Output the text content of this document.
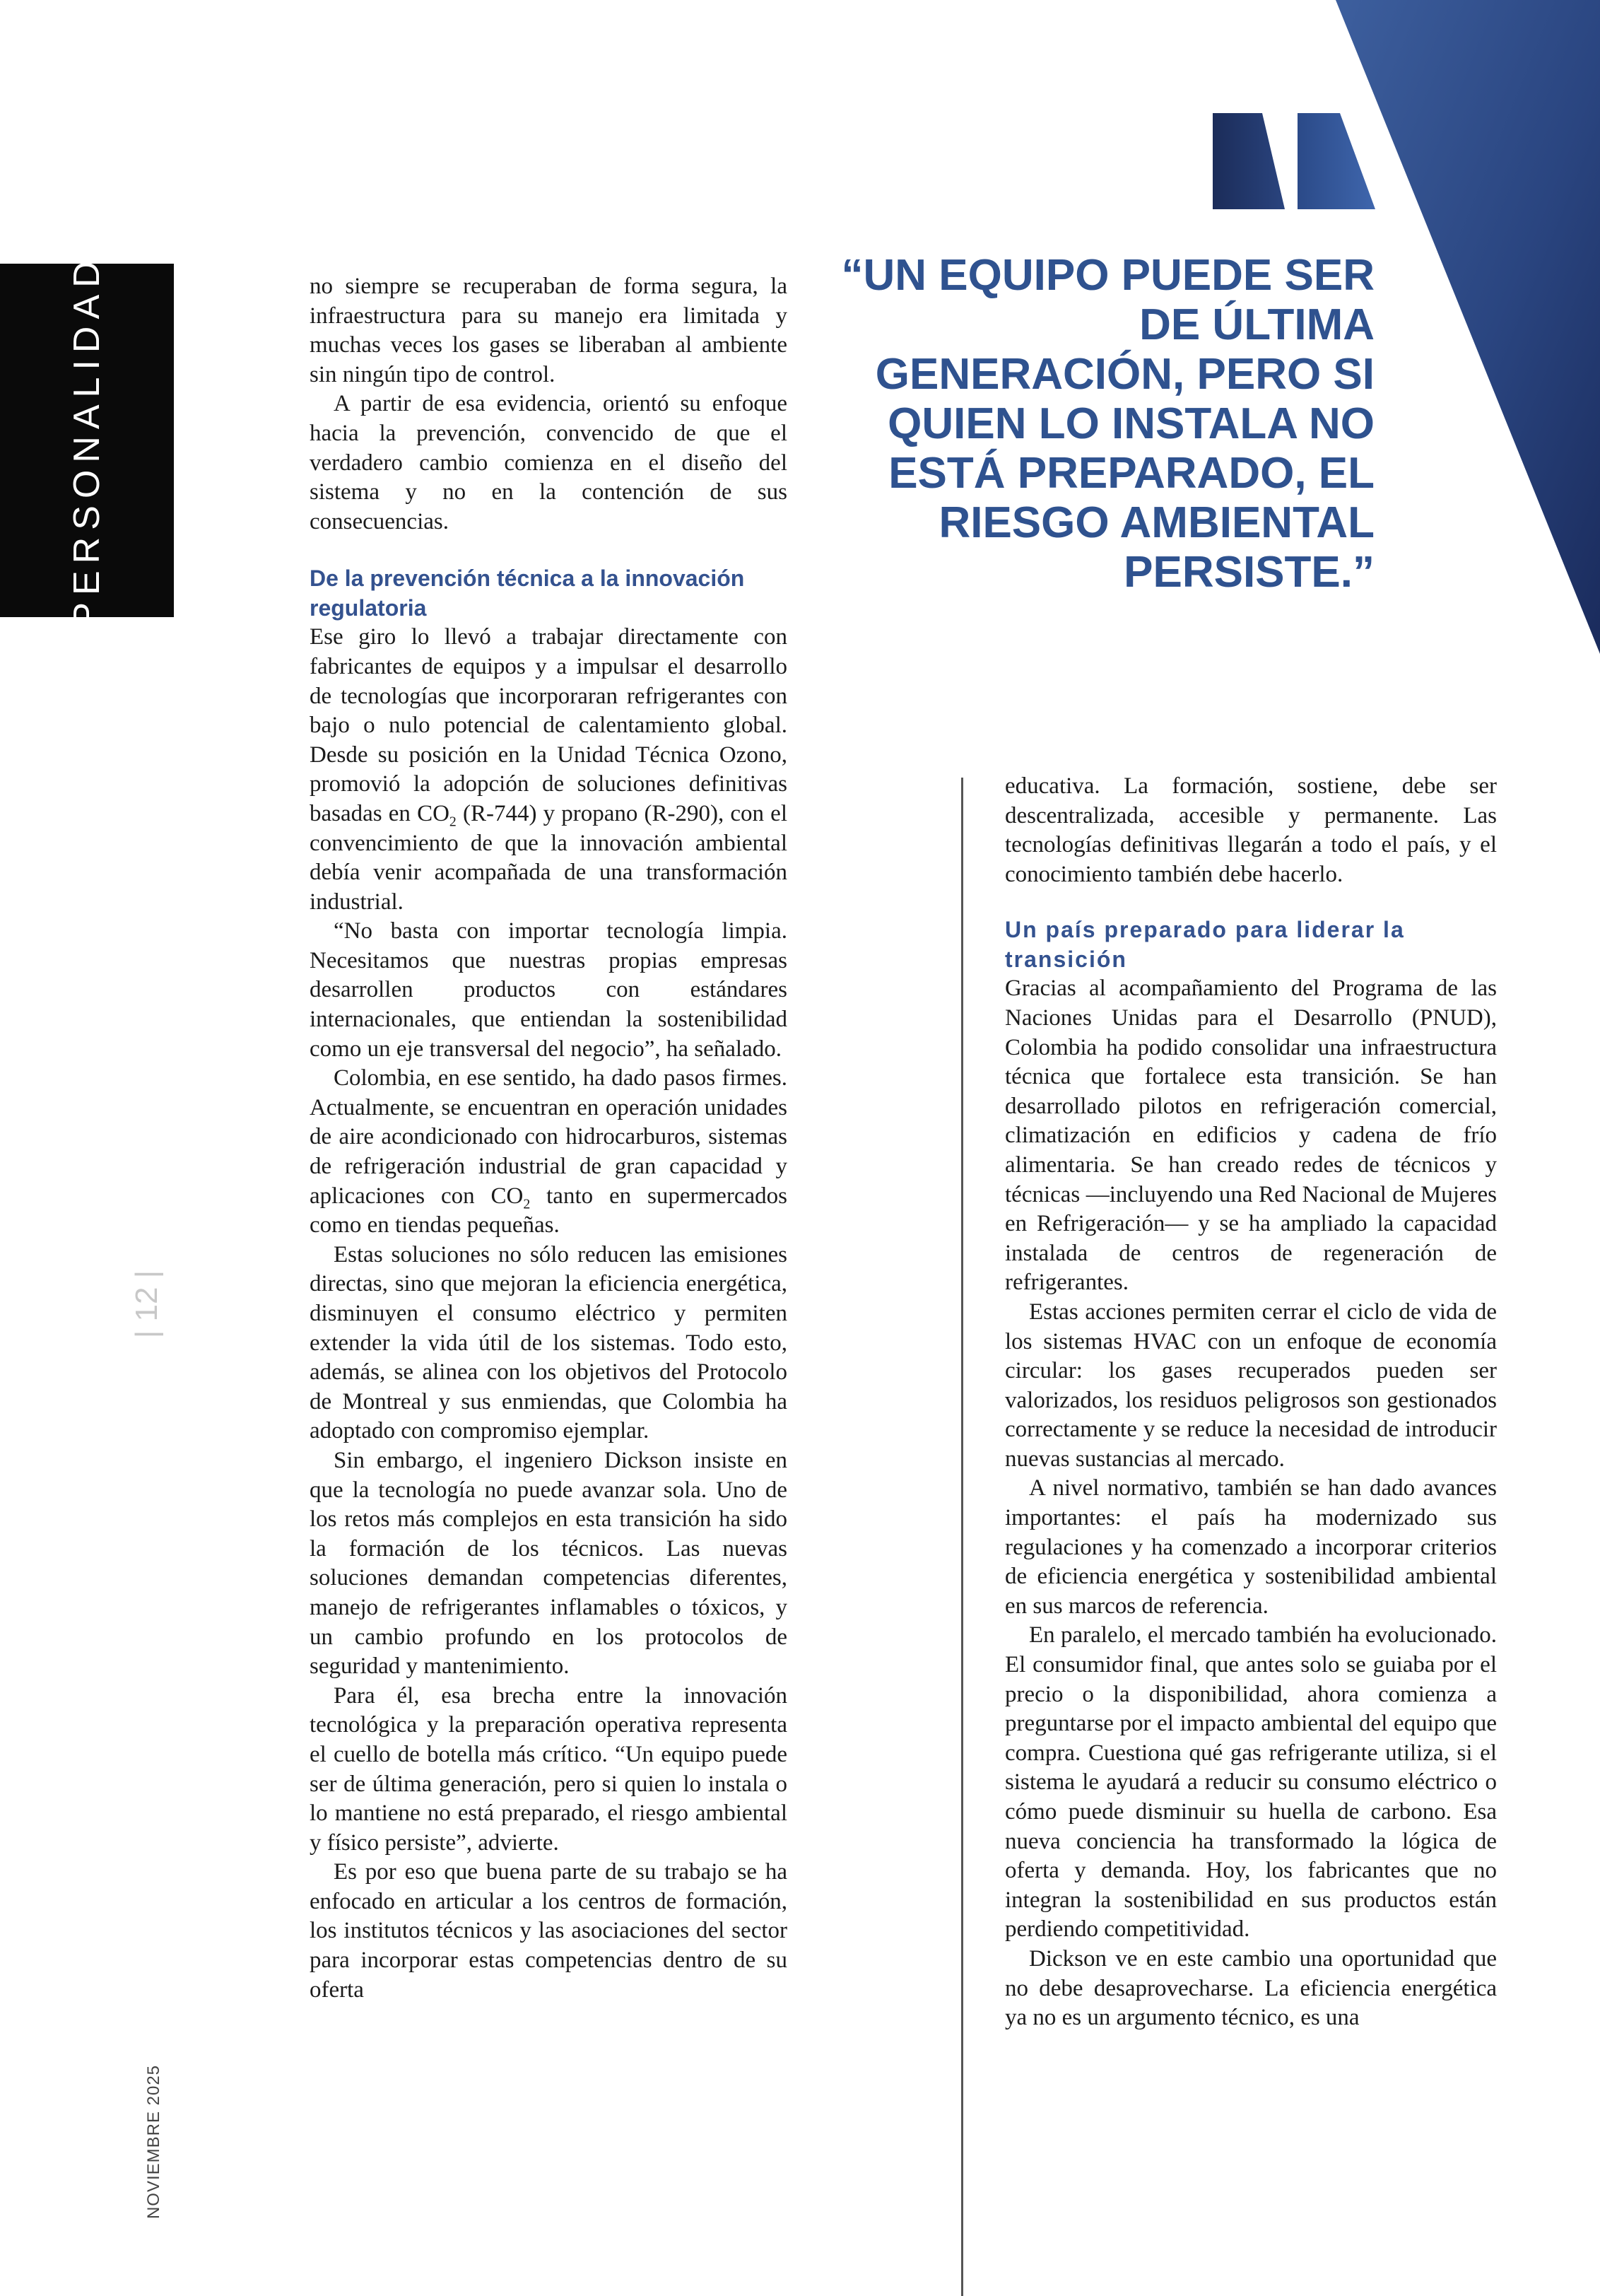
PERSONALIDAD
| 12 |
NOVIEMBRE 2025

“UN EQUIPO PUEDE SER DE ÚLTIMA GENERACIÓN, PERO SI QUIEN LO INSTALA NO ESTÁ PREPARADO, EL RIESGO AMBIENTAL PERSISTE.”

no siempre se recuperaban de forma segura, la infraestructura para su manejo era limitada y muchas veces los gases se liberaban al ambiente sin ningún tipo de control.

A partir de esa evidencia, orientó su enfoque hacia la prevención, convencido de que el verdadero cambio comienza en el diseño del sistema y no en la contención de sus consecuencias.

De la prevención técnica a la innovación regulatoria

Ese giro lo llevó a trabajar directamente con fabricantes de equipos y a impulsar el desarrollo de tecnologías que incorporaran refrigerantes con bajo o nulo potencial de calentamiento global. Desde su posición en la Unidad Técnica Ozono, promovió la adopción de soluciones definitivas basadas en $CO_2$ (R-744) y propano (R-290), con el convencimiento de que la innovación ambiental debía venir acompañada de una transformación industrial.

“No basta con importar tecnología limpia. Necesitamos que nuestras propias empresas desarrollen productos con estándares internacionales, que entiendan la sostenibilidad como un eje transversal del negocio”, ha señalado.

Colombia, en ese sentido, ha dado pasos firmes. Actualmente, se encuentran en operación unidades de aire acondicionado con hidrocarburos, sistemas de refrigeración industrial de gran capacidad y aplicaciones con $CO_2$ tanto en supermercados como en tiendas pequeñas.

Estas soluciones no sólo reducen las emisiones directas, sino que mejoran la eficiencia energética, disminuyen el consumo eléctrico y permiten extender la vida útil de los sistemas. Todo esto, además, se alinea con los objetivos del Protocolo de Montreal y sus enmiendas, que Colombia ha adoptado con compromiso ejemplar.

Sin embargo, el ingeniero Dickson insiste en que la tecnología no puede avanzar sola. Uno de los retos más complejos en esta transición ha sido la formación de los técnicos. Las nuevas soluciones demandan competencias diferentes, manejo de refrigerantes inflamables o tóxicos, y un cambio profundo en los protocolos de seguridad y mantenimiento.

Para él, esa brecha entre la innovación tecnológica y la preparación operativa representa el cuello de botella más crítico. “Un equipo puede ser de última generación, pero si quien lo instala o lo mantiene no está preparado, el riesgo ambiental y físico persiste”, advierte.

Es por eso que buena parte de su trabajo se ha enfocado en articular a los centros de formación, los institutos técnicos y las asociaciones del sector para incorporar estas competencias dentro de su oferta

educativa. La formación, sostiene, debe ser descentralizada, accesible y permanente. Las tecnologías definitivas llegarán a todo el país, y el conocimiento también debe hacerlo.

Un país preparado para liderar la transición

Gracias al acompañamiento del Programa de las Naciones Unidas para el Desarrollo (PNUD), Colombia ha podido consolidar una infraestructura técnica que fortalece esta transición. Se han desarrollado pilotos en refrigeración comercial, climatización en edificios y cadena de frío alimentaria. Se han creado redes de técnicos y técnicas —incluyendo una Red Nacional de Mujeres en Refrigeración— y se ha ampliado la capacidad instalada de centros de regeneración de refrigerantes.

Estas acciones permiten cerrar el ciclo de vida de los sistemas HVAC con un enfoque de economía circular: los gases recuperados pueden ser valorizados, los residuos peligrosos son gestionados correctamente y se reduce la necesidad de introducir nuevas sustancias al mercado.

A nivel normativo, también se han dado avances importantes: el país ha modernizado sus regulaciones y ha comenzado a incorporar criterios de eficiencia energética y sostenibilidad ambiental en sus marcos de referencia.

En paralelo, el mercado también ha evolucionado. El consumidor final, que antes solo se guiaba por el precio o la disponibilidad, ahora comienza a preguntarse por el impacto ambiental del equipo que compra. Cuestiona qué gas refrigerante utiliza, si el sistema le ayudará a reducir su consumo eléctrico o cómo puede disminuir su huella de carbono. Esa nueva conciencia ha transformado la lógica de oferta y demanda. Hoy, los fabricantes que no integran la sostenibilidad en sus productos están perdiendo competitividad.

Dickson ve en este cambio una oportunidad que no debe desaprovecharse. La eficiencia energética ya no es un argumento técnico, es una
